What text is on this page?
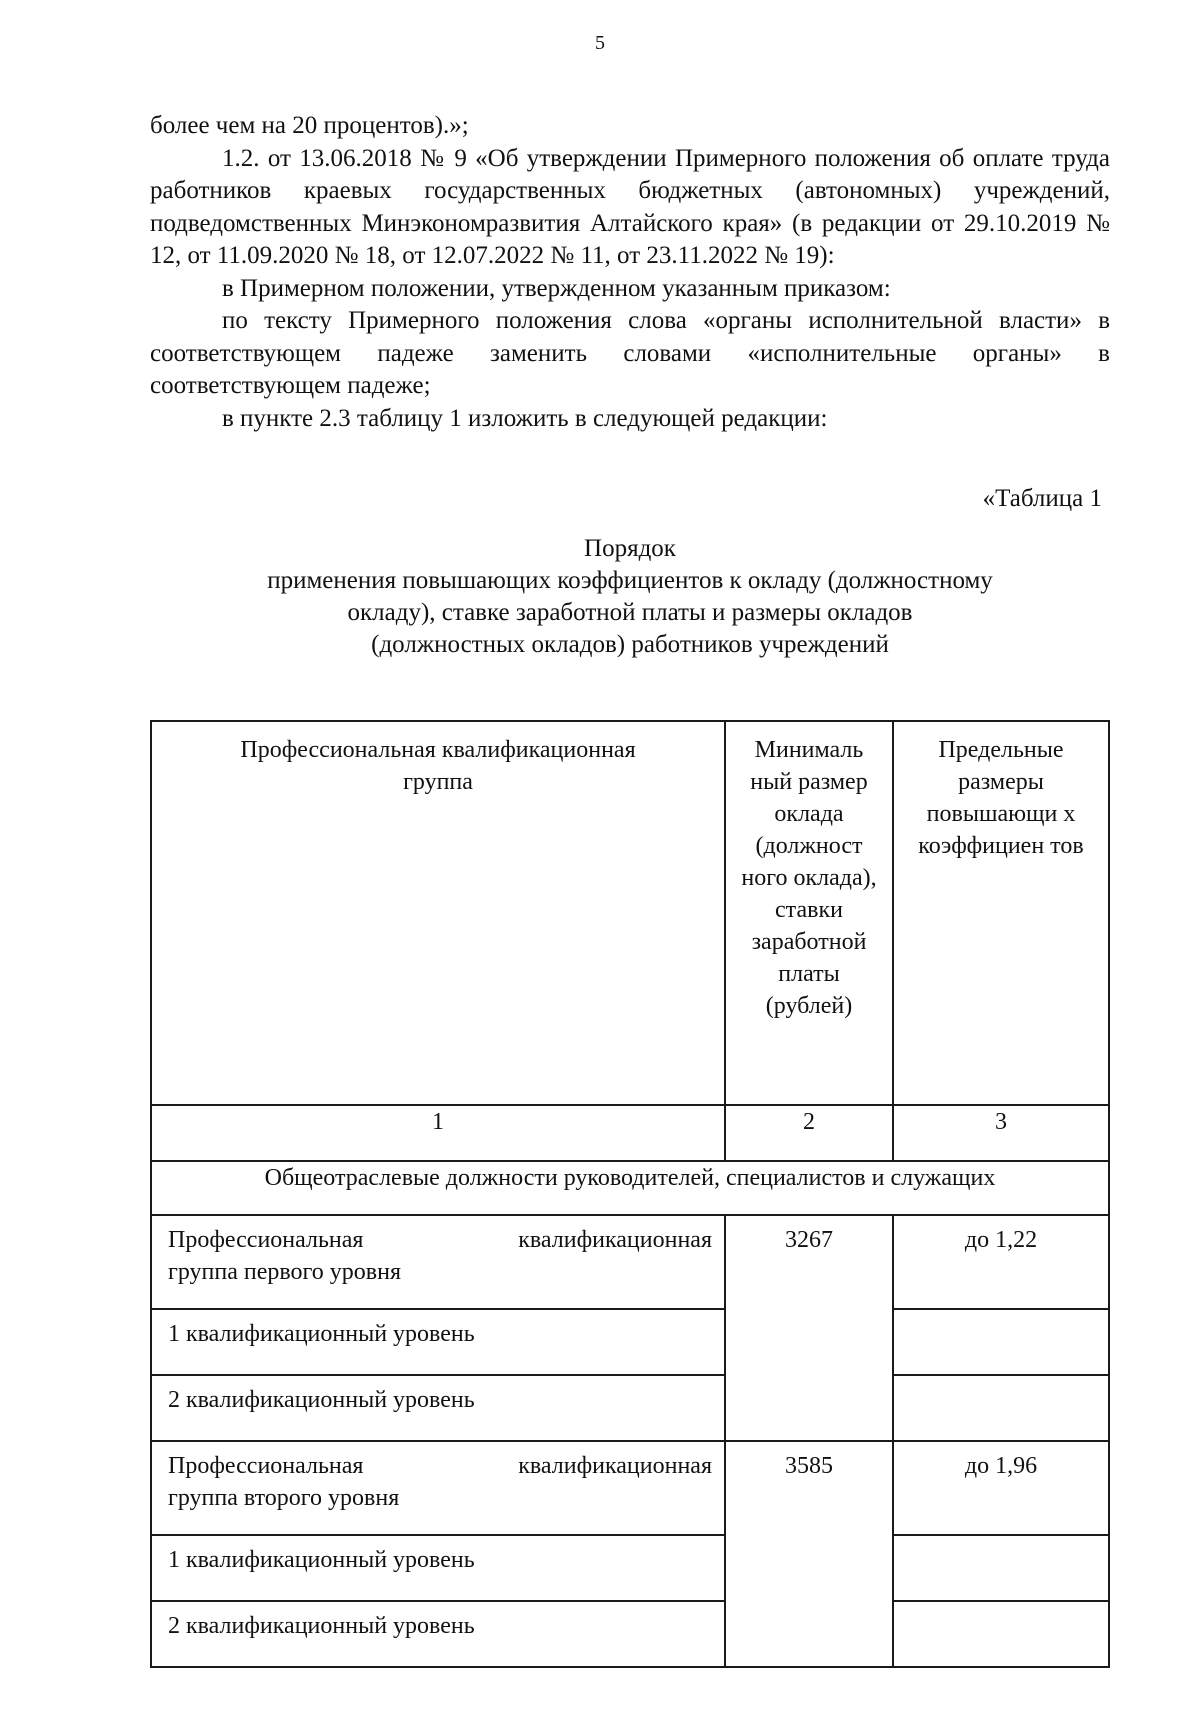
5

более чем на 20 процентов).»;

1.2. от 13.06.2018 № 9 «Об утверждении Примерного положения об оплате труда работников краевых государственных бюджетных (автономных) учреждений, подведомственных Минэкономразвития Алтайского края» (в редакции от 29.10.2019 № 12, от 11.09.2020 № 18, от 12.07.2022 № 11, от 23.11.2022 № 19):

в Примерном положении, утвержденном указанным приказом:

по тексту Примерного положения слова «органы исполнительной власти» в соответствующем падеже заменить словами «исполнительные органы» в соответствующем падеже;

в пункте 2.3 таблицу 1 изложить в следующей редакции:

«Таблица 1
Порядок
применения повышающих коэффициентов к окладу (должностному
окладу), ставке заработной платы и размеры окладов
(должностных окладов) работников учреждений
Профессиональная квалификационная группа	Минималь ный размер оклада (должност ного оклада), ставки заработной платы (рублей)	Предельные размеры повышающи х коэффициен тов

1	2	3
Общеотраслевые должности руководителей, специалистов и служащих		

Профессиональная квалификационная
группа первого уровня	3267	до 1,22
1 квалификационный уровень		
2 квалификационный уровень		

Профессиональная квалификационная
группа второго уровня	3585	до 1,96
1 квалификационный уровень		
2 квалификационный уровень		
